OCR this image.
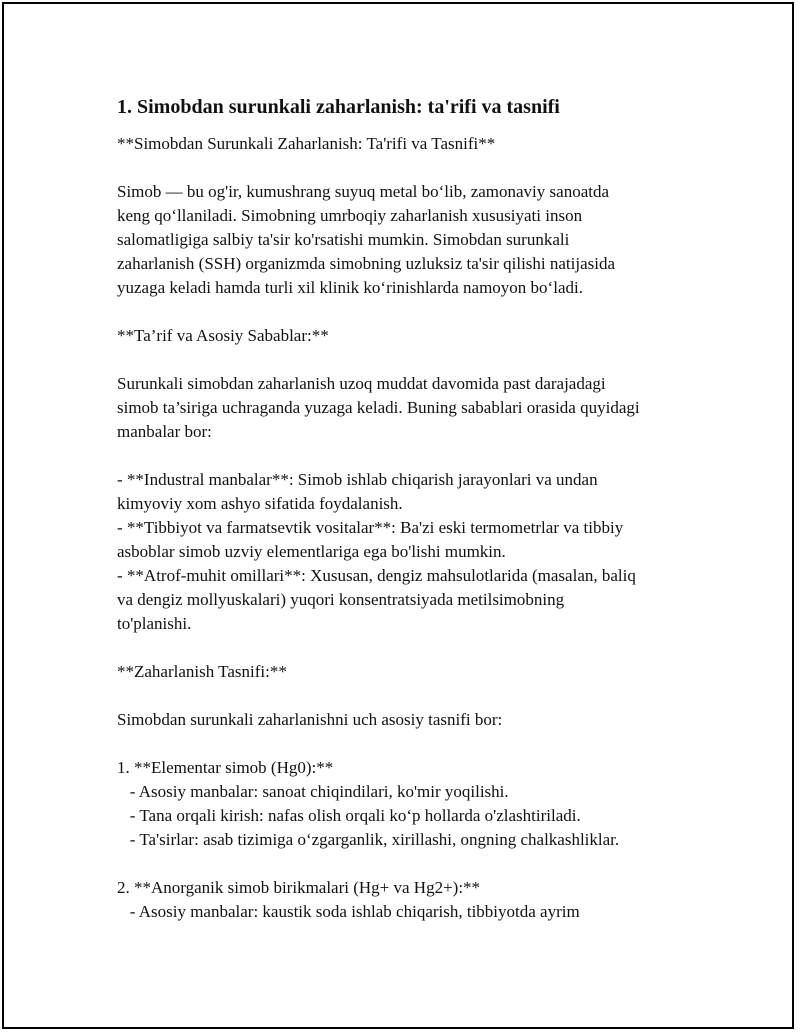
1. Simobdan surunkali zaharlanish: ta'rifi va tasnifi
**Simobdan Surunkali Zaharlanish: Ta'rifi va Tasnifi**
Simob — bu og'ir, kumushrang suyuq metal bo‘lib, zamonaviy sanoatda
keng qo‘llaniladi. Simobning umrboqiy zaharlanish xususiyati inson
salomatligiga salbiy ta'sir ko'rsatishi mumkin. Simobdan surunkali
zaharlanish (SSH) organizmda simobning uzluksiz ta'sir qilishi natijasida
yuzaga keladi hamda turli xil klinik ko‘rinishlarda namoyon bo‘ladi.
**Ta’rif va Asosiy Sabablar:**
Surunkali simobdan zaharlanish uzoq muddat davomida past darajadagi
simob ta’siriga uchraganda yuzaga keladi. Buning sabablari orasida quyidagi
manbalar bor:
- **Industral manbalar**: Simob ishlab chiqarish jarayonlari va undan
kimyoviy xom ashyo sifatida foydalanish.
- **Tibbiyot va farmatsevtik vositalar**: Ba'zi eski termometrlar va tibbiy
asboblar simob uzviy elementlariga ega bo'lishi mumkin.
- **Atrof-muhit omillari**: Xususan, dengiz mahsulotlarida (masalan, baliq
va dengiz mollyuskalari) yuqori konsentratsiyada metilsimobning
to'planishi.
**Zaharlanish Tasnifi:**
Simobdan surunkali zaharlanishni uch asosiy tasnifi bor:
1. **Elementar simob (Hg0):**
- Asosiy manbalar: sanoat chiqindilari, ko'mir yoqilishi.
- Tana orqali kirish: nafas olish orqali ko‘p hollarda o'zlashtiriladi.
- Ta'sirlar: asab tizimiga o‘zgarganlik, xirillashi, ongning chalkashliklar.
2. **Anorganik simob birikmalari (Hg+ va Hg2+):**
- Asosiy manbalar: kaustik soda ishlab chiqarish, tibbiyotda ayrim
